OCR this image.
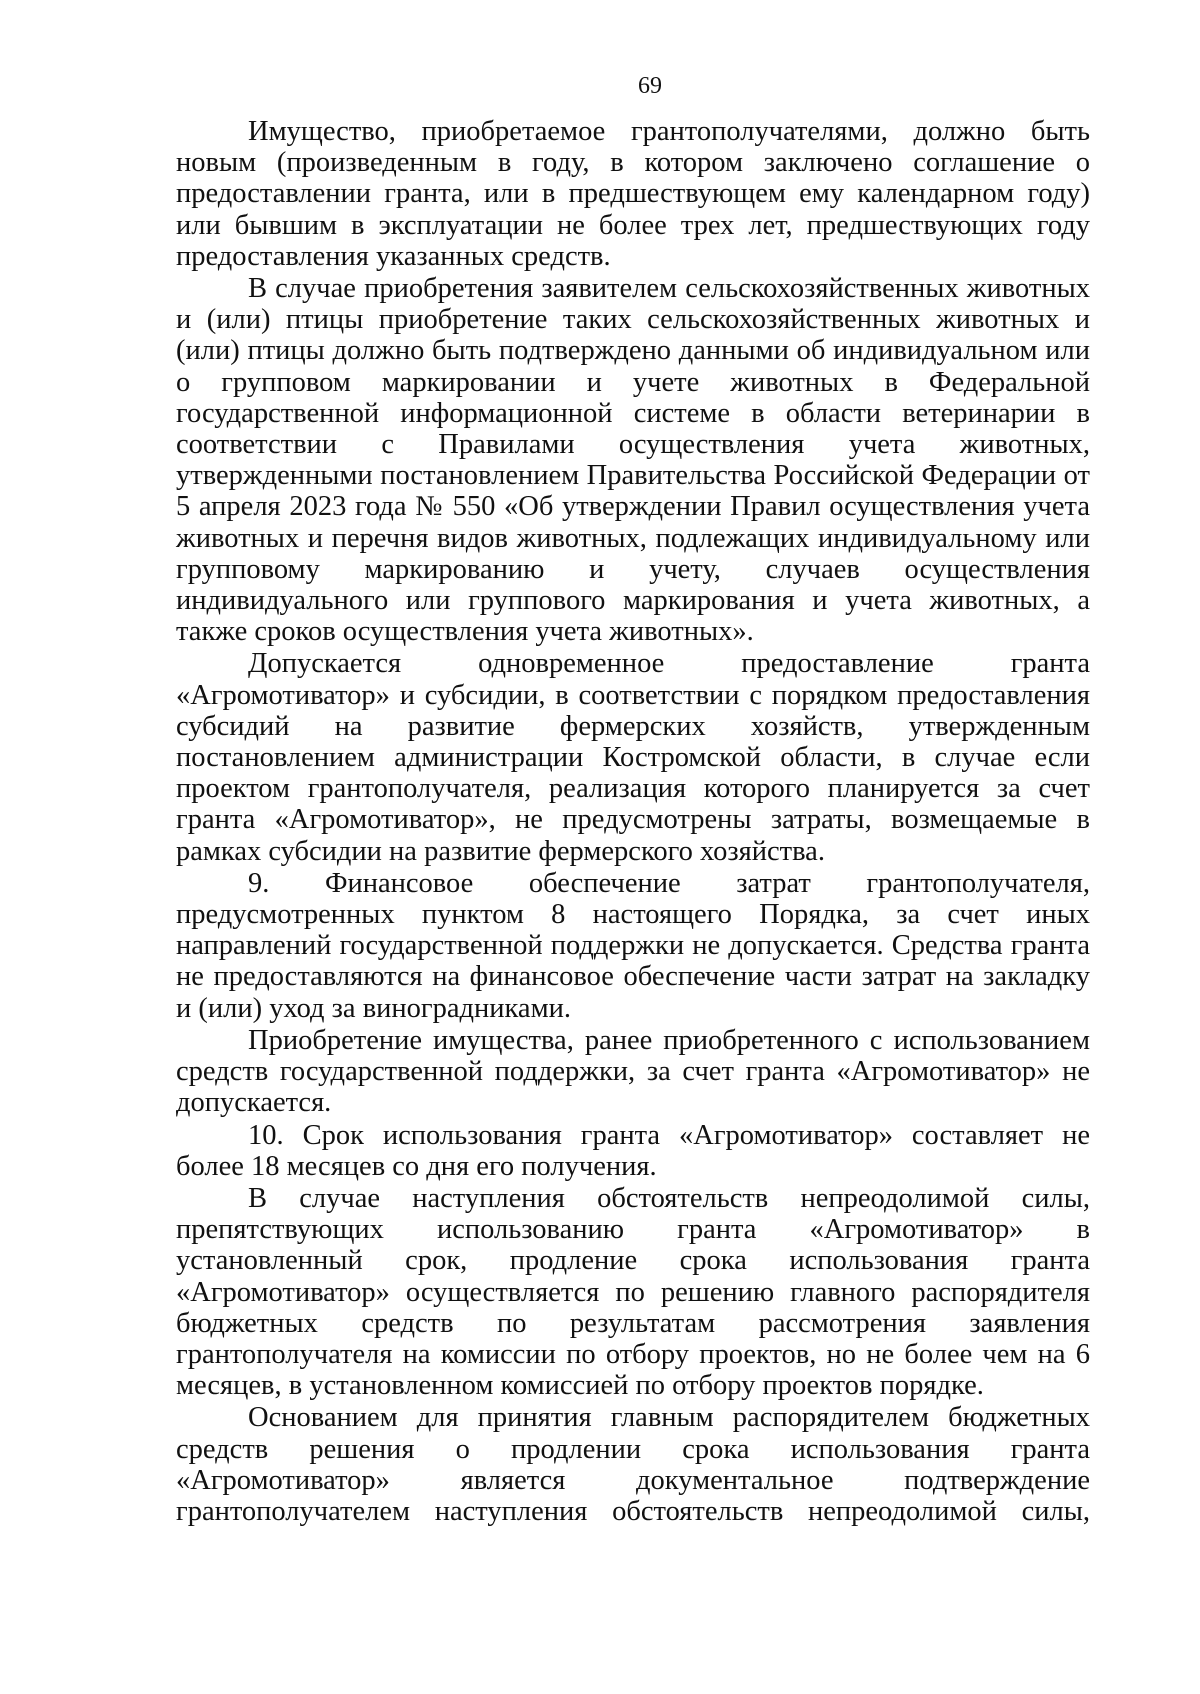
69

Имущество, приобретаемое грантополучателями, должно быть новым (произведенным в году, в котором заключено соглашение о предоставлении гранта, или в предшествующем ему календарном году) или бывшим в эксплуатации не более трех лет, предшествующих году предоставления указанных средств.

В случае приобретения заявителем сельскохозяйственных животных и (или) птицы приобретение таких сельскохозяйственных животных и (или) птицы должно быть подтверждено данными об индивидуальном или о групповом маркировании и учете животных в Федеральной государственной информационной системе в области ветеринарии в соответствии с Правилами осуществления учета животных, утвержденными постановлением Правительства Российской Федерации от 5 апреля 2023 года № 550 «Об утверждении Правил осуществления учета животных и перечня видов животных, подлежащих индивидуальному или групповому маркированию и учету, случаев осуществления индивидуального или группового маркирования и учета животных, а также сроков осуществления учета животных».

Допускается одновременное предоставление гранта «Агромотиватор» и субсидии, в соответствии с порядком предоставления субсидий на развитие фермерских хозяйств, утвержденным постановлением администрации Костромской области, в случае если проектом грантополучателя, реализация которого планируется за счет гранта «Агромотиватор», не предусмотрены затраты, возмещаемые в рамках субсидии на развитие фермерского хозяйства.

9. Финансовое обеспечение затрат грантополучателя, предусмотренных пунктом 8 настоящего Порядка, за счет иных направлений государственной поддержки не допускается. Средства гранта не предоставляются на финансовое обеспечение части затрат на закладку и (или) уход за виноградниками.

Приобретение имущества, ранее приобретенного с использованием средств государственной поддержки, за счет гранта «Агромотиватор» не допускается.

10. Срок использования гранта «Агромотиватор» составляет не более 18 месяцев со дня его получения.

В случае наступления обстоятельств непреодолимой силы, препятствующих использованию гранта «Агромотиватор» в установленный срок, продление срока использования гранта «Агромотиватор» осуществляется по решению главного распорядителя бюджетных средств по результатам рассмотрения заявления грантополучателя на комиссии по отбору проектов, но не более чем на 6 месяцев, в установленном комиссией по отбору проектов порядке.

Основанием для принятия главным распорядителем бюджетных средств решения о продлении срока использования гранта «Агромотиватор» является документальное подтверждение грантополучателем наступления обстоятельств непреодолимой силы,
